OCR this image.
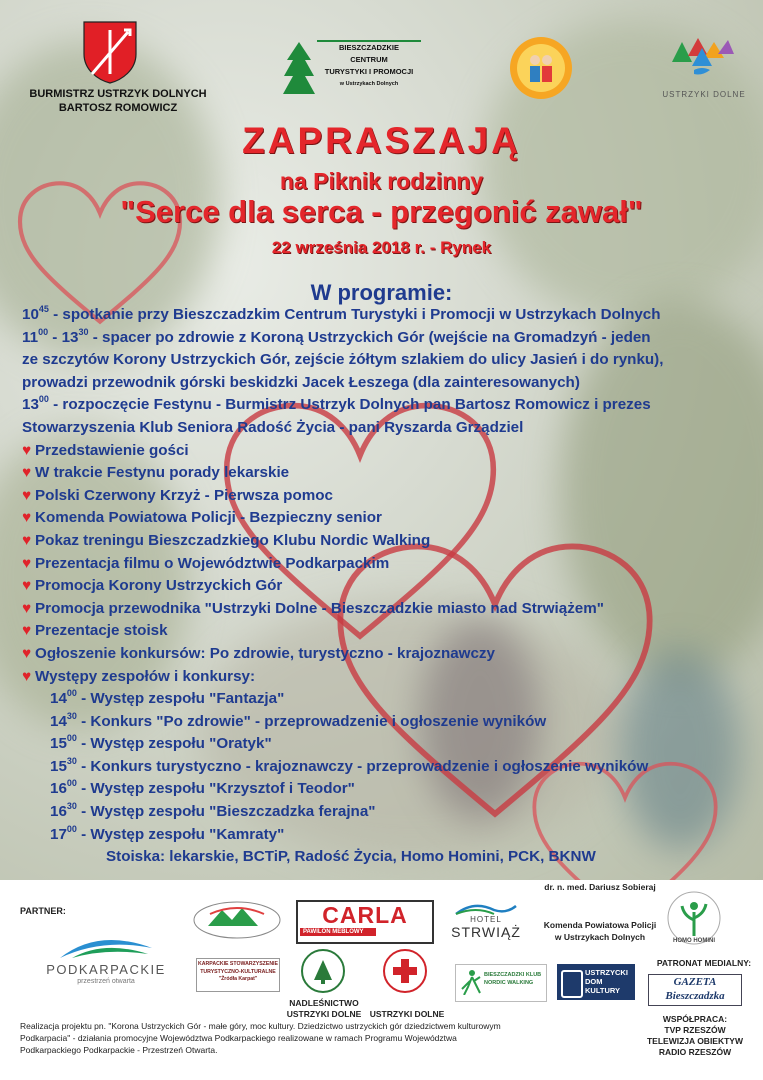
BURMISTRZ USTRZYK DOLNYCH
BARTOSZ ROMOWICZ
BIESZCZADZKIE
CENTRUM
TURYSTYKI I PROMOCJI
w Ustrzykach Dolnych
USTRZYKI DOLNE
ZAPRASZAJĄ
na Piknik rodzinny
"Serce dla serca - przegonić zawał"
22 września 2018 r. - Rynek
W programie:
$10^{45}$ - spotkanie przy Bieszczadzkim Centrum Turystyki i Promocji w Ustrzykach Dolnych
$11^{00} - 13^{30}$ - spacer po zdrowie z Koroną Ustrzyckich Gór (wejście na Gromadzyń - jeden
ze szczytów Korony Ustrzyckich Gór, zejście żółtym szlakiem do ulicy Jasień i do rynku),
prowadzi przewodnik górski beskidzki Jacek Łeszega (dla zainteresowanych)
$13^{00}$ - rozpoczęcie Festynu - Burmistrz Ustrzyk Dolnych pan Bartosz Romowicz i prezes
Stowarzyszenia Klub Seniora Radość Życia - pani Ryszarda Grządziel
♥ Przedstawienie gości
♥ W trakcie Festynu porady lekarskie
♥ Polski Czerwony Krzyż - Pierwsza pomoc
♥ Komenda Powiatowa Policji - Bezpieczny senior
♥ Pokaz treningu Bieszczadzkiego Klubu Nordic Walking
♥ Prezentacja filmu o Województwie Podkarpackim
♥ Promocja Korony Ustrzyckich Gór
♥ Promocja przewodnika "Ustrzyki Dolne - Bieszczadzkie miasto nad Strwiążem"
♥ Prezentacje stoisk
♥ Ogłoszenie konkursów: Po zdrowie, turystyczno - krajoznawczy
♥ Występy zespołów i konkursy:
$14^{00}$ - Występ zespołu "Fantazja"
$14^{30}$ - Konkurs "Po zdrowie" - przeprowadzenie i ogłoszenie wyników
$15^{00}$ - Występ zespołu "Oratyk"
$15^{30}$ - Konkurs turystyczno - krajoznawczy - przeprowadzenie i ogłoszenie wyników
$16^{00}$ - Występ zespołu "Krzysztof i Teodor"
$16^{30}$ - Występ zespołu "Bieszczadzka ferajna"
$17^{00}$ - Występ zespołu "Kamraty"
Stoiska: lekarskie, BCTiP, Radość Życia, Homo Homini, PCK, BKNW
PARTNER:
PODKARPACKIE
przestrzeń otwarta
CARLA
PAWILON MEBLOWY
HOTEL
STRWIĄŻ
dr. n. med. Dariusz Sobieraj
Komenda Powiatowa Policji
w Ustrzykach Dolnych	HOMO HOMINI
KARPACKIE STOWARZYSZENIE
TURYSTYCZNO-KULTURALNE
"Źródła Karpat"
NADLEŚNICTWO
USTRZYKI DOLNE USTRZYKI DOLNE
BIESZCZADZKI KLUB NORDIC WALKING
USTRZYCKI
DOM
KULTURY
PATRONAT MEDIALNY:
GAZETA Bieszczadzka
WSPÓŁPRACA:
TVP RZESZÓW
TELEWIZJA OBIEKTYW
RADIO RZESZÓW
Realizacja projektu pn. "Korona Ustrzyckich Gór - małe góry, moc kultury. Dziedzictwo ustrzyckich gór dziedzictwem kulturowym
Podkarpacia" - działania promocyjne Województwa Podkarpackiego realizowane w ramach Programu Województwa
Podkarpackiego Podkarpackie - Przestrzeń Otwarta.
